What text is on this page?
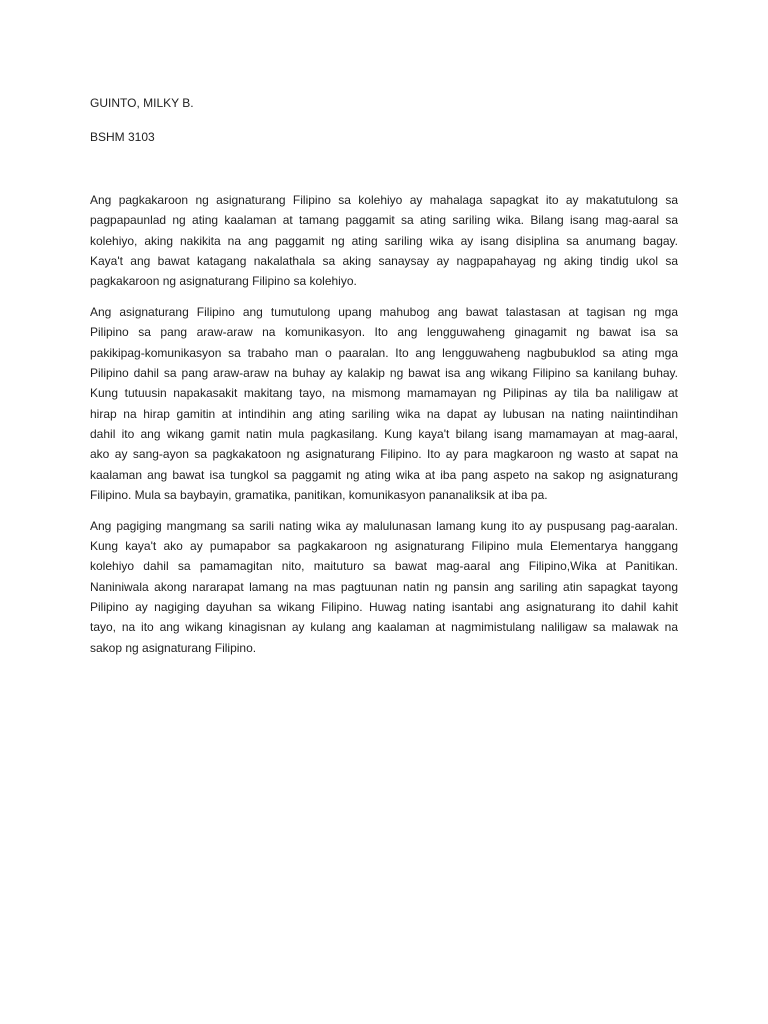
GUINTO, MILKY B.
BSHM 3103
Ang pagkakaroon ng asignaturang Filipino sa kolehiyo ay mahalaga sapagkat ito ay makatutulong sa
pagpapaunlad ng ating kaalaman at tamang paggamit sa ating sariling wika. Bilang isang mag-aaral sa
kolehiyo, aking nakikita na ang paggamit ng ating sariling wika ay isang disiplina sa anumang bagay.
Kaya't ang bawat katagang nakalathala sa aking sanaysay ay nagpapahayag ng aking tindig ukol sa
pagkakaroon ng asignaturang Filipino sa kolehiyo.
Ang asignaturang Filipino ang tumutulong upang mahubog ang bawat talastasan at tagisan ng mga
Pilipino sa pang araw-araw na komunikasyon. Ito ang lengguwaheng ginagamit ng bawat isa sa
pakikipag-komunikasyon sa trabaho man o paaralan. Ito ang lengguwaheng nagbubuklod sa ating mga
Pilipino dahil sa pang araw-araw na buhay ay kalakip ng bawat isa ang wikang Filipino sa kanilang buhay.
Kung tutuusin napakasakit makitang tayo, na mismong mamamayan ng Pilipinas ay tila ba naliligaw at
hirap na hirap gamitin at intindihin ang ating sariling wika na dapat ay lubusan na nating naiintindihan
dahil ito ang wikang gamit natin mula pagkasilang. Kung kaya't bilang isang mamamayan at mag-aaral,
ako ay sang-ayon sa pagkakatoon ng asignaturang Filipino. Ito ay para magkaroon ng wasto at sapat na
kaalaman ang bawat isa tungkol sa paggamit ng ating wika at iba pang aspeto na sakop ng asignaturang
Filipino. Mula sa baybayin, gramatika, panitikan, komunikasyon pananaliksik at iba pa.
Ang pagiging mangmang sa sarili nating wika ay malulunasan lamang kung ito ay puspusang pag-aaralan.
Kung kaya't ako ay pumapabor sa pagkakaroon ng asignaturang Filipino mula Elementarya hanggang
kolehiyo dahil sa pamamagitan nito, maituturo sa bawat mag-aaral ang Filipino,Wika at Panitikan.
Naniniwala akong nararapat lamang na mas pagtuunan natin ng pansin ang sariling atin sapagkat tayong
Pilipino ay nagiging dayuhan sa wikang Filipino. Huwag nating isantabi ang asignaturang ito dahil kahit
tayo, na ito ang wikang kinagisnan ay kulang ang kaalaman at nagmimistulang naliligaw sa malawak na
sakop ng asignaturang Filipino.
